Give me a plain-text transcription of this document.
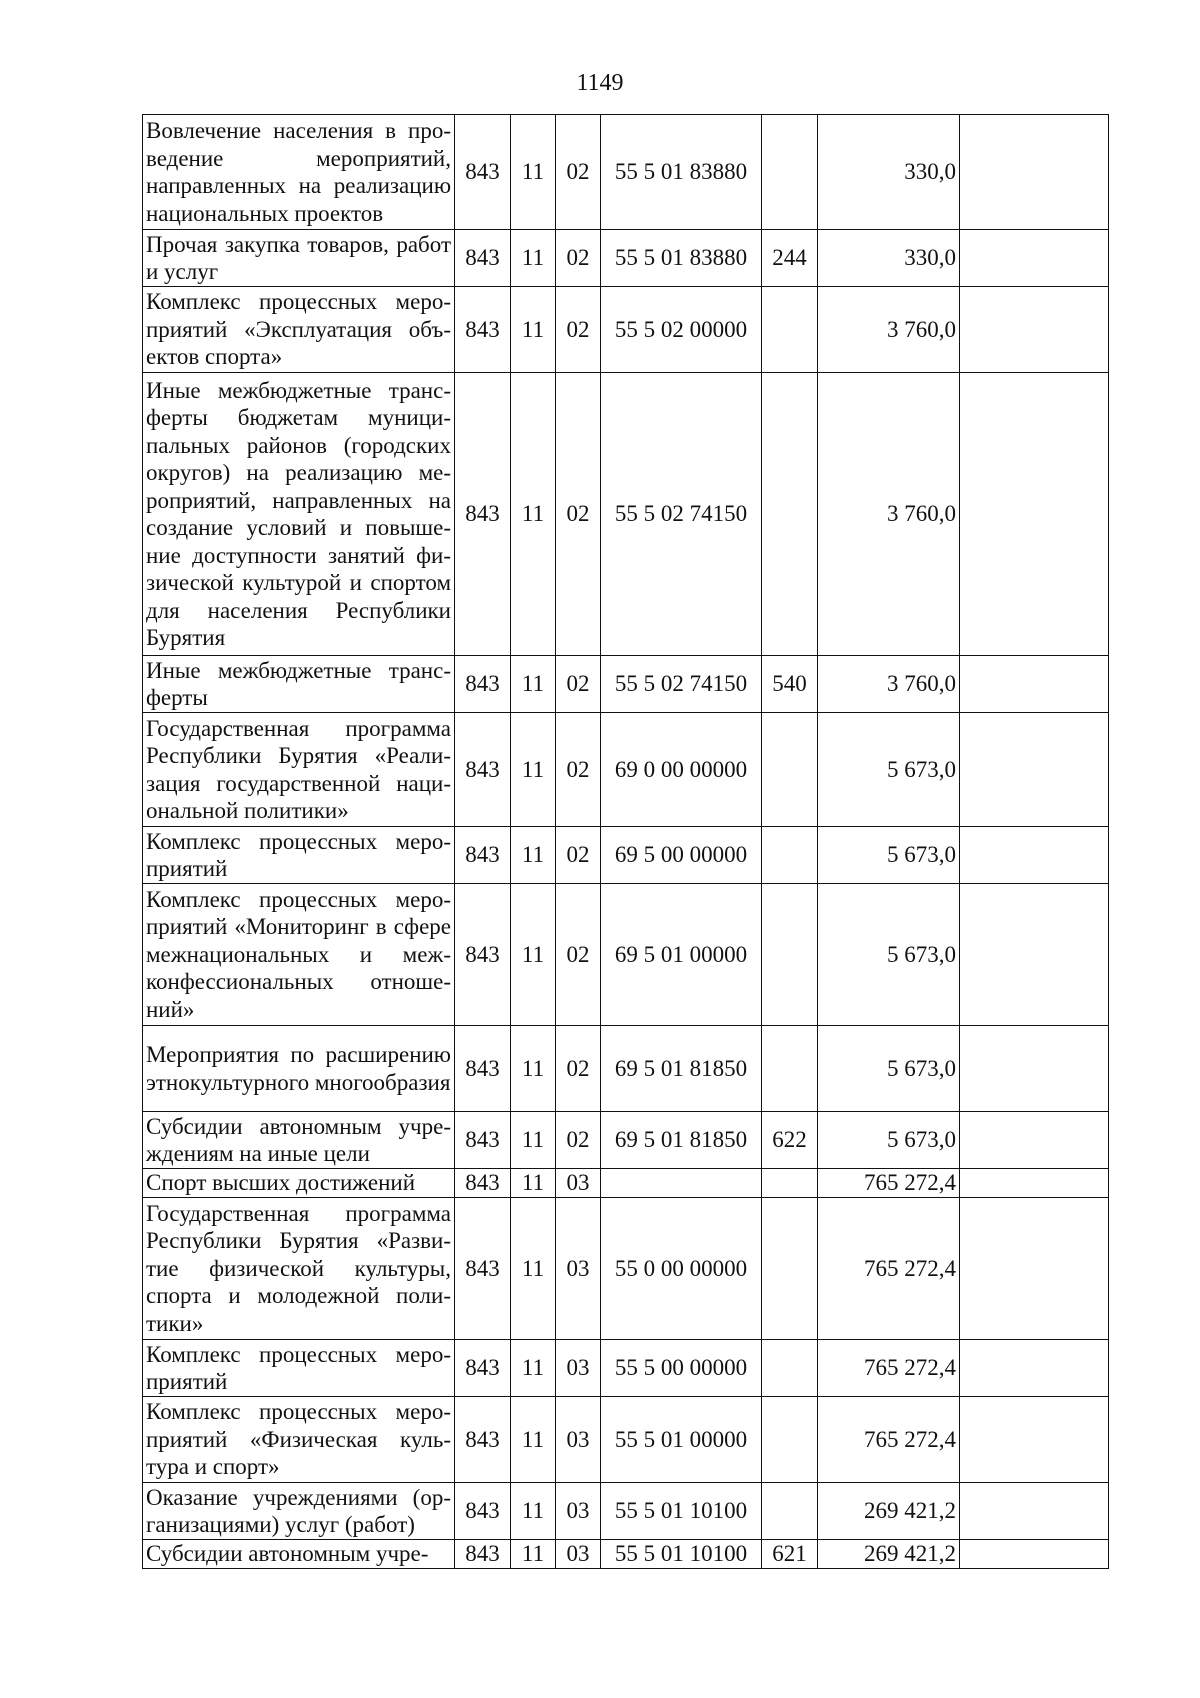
1149
Вовлечение населения в проведение мероприятий, направленных на реализацию национальных проектов	843	11	02	55 5 01 83880		330,0	
Прочая закупка товаров, работ и услуг	843	11	02	55 5 01 83880	244	330,0	
Комплекс процессных мероприятий «Эксплуатация объектов спорта»	843	11	02	55 5 02 00000		3 760,0	
Иные межбюджетные трансферты бюджетам муниципальных районов (городских округов) на реализацию мероприятий, направленных на создание условий и повышение доступности занятий физической культурой и спортом для населения Республики Бурятия	843	11	02	55 5 02 74150		3 760,0	
Иные межбюджетные трансферты	843	11	02	55 5 02 74150	540	3 760,0	
Государственная программа Республики Бурятия «Реализация государственной национальной политики»	843	11	02	69 0 00 00000		5 673,0	
Комплекс процессных мероприятий	843	11	02	69 5 00 00000		5 673,0	
Комплекс процессных мероприятий «Мониторинг в сфере межнациональных и межконфессиональных отношений»	843	11	02	69 5 01 00000		5 673,0	
Мероприятия по расширению этнокультурного многообразия	843	11	02	69 5 01 81850		5 673,0	
Субсидии автономным учреждениям на иные цели	843	11	02	69 5 01 81850	622	5 673,0	
Спорт высших достижений	843	11	03			765 272,4	
Государственная программа Республики Бурятия «Развитие физической культуры, спорта и молодежной политики»	843	11	03	55 0 00 00000		765 272,4	
Комплекс процессных мероприятий	843	11	03	55 5 00 00000		765 272,4	
Комплекс процессных мероприятий «Физическая культура и спорт»	843	11	03	55 5 01 00000		765 272,4	
Оказание учреждениями (организациями) услуг (работ)	843	11	03	55 5 01 10100		269 421,2	
Субсидии автономным учре-	843	11	03	55 5 01 10100	621	269 421,2	
